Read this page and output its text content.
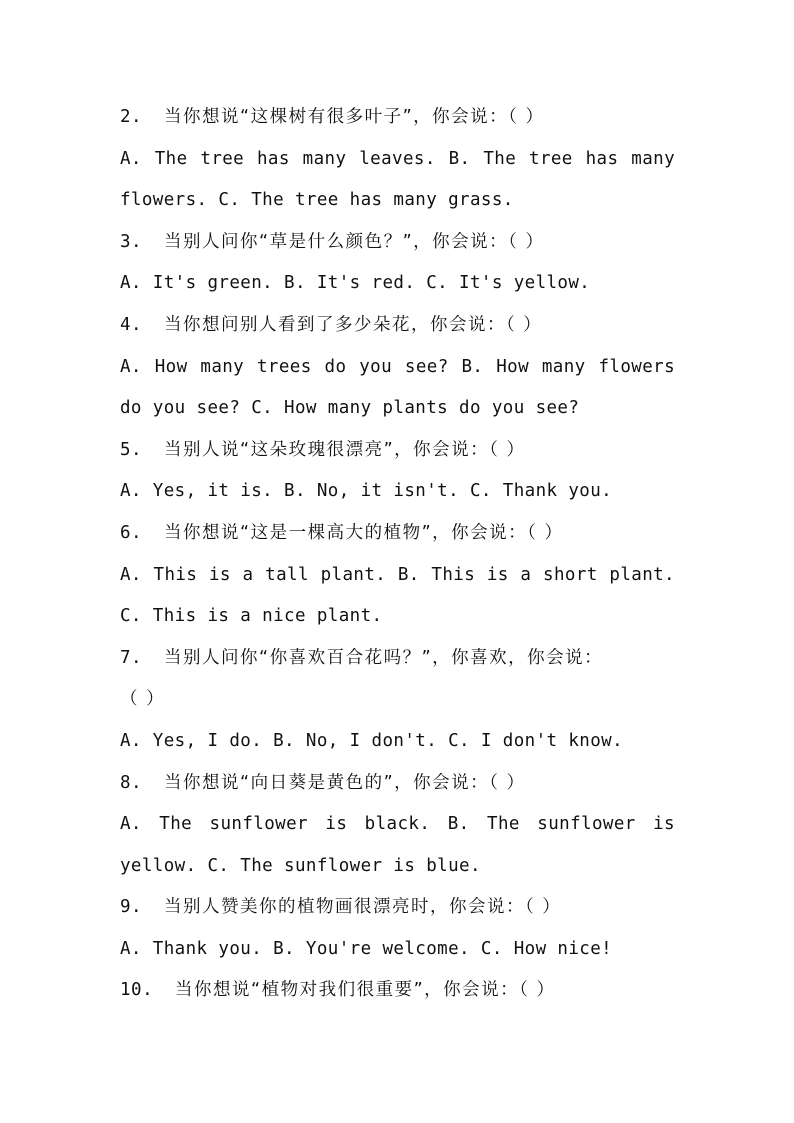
2. 当你想说“这棵树有很多叶子”，你会说：（ ）
A. The tree has many leaves. B. The tree has many
flowers. C. The tree has many grass.
3. 当别人问你“草是什么颜色？”，你会说：（ ）
A. It's green. B. It's red. C. It's yellow.
4. 当你想问别人看到了多少朵花，你会说：（ ）
A. How many trees do you see? B. How many flowers
do you see? C. How many plants do you see?
5. 当别人说“这朵玫瑰很漂亮”，你会说：（ ）
A. Yes, it is. B. No, it isn't. C. Thank you.
6. 当你想说“这是一棵高大的植物”，你会说：（ ）
A. This is a tall plant. B. This is a short plant.
C. This is a nice plant.
7. 当别人问你“你喜欢百合花吗？”，你喜欢，你会说：
（ ）
A. Yes, I do. B. No, I don't. C. I don't know.
8. 当你想说“向日葵是黄色的”，你会说：（ ）
A. The sunflower is black. B. The sunflower is
yellow. C. The sunflower is blue.
9. 当别人赞美你的植物画很漂亮时，你会说：（ ）
A. Thank you. B. You're welcome. C. How nice!
10. 当你想说“植物对我们很重要”，你会说：（ ）
